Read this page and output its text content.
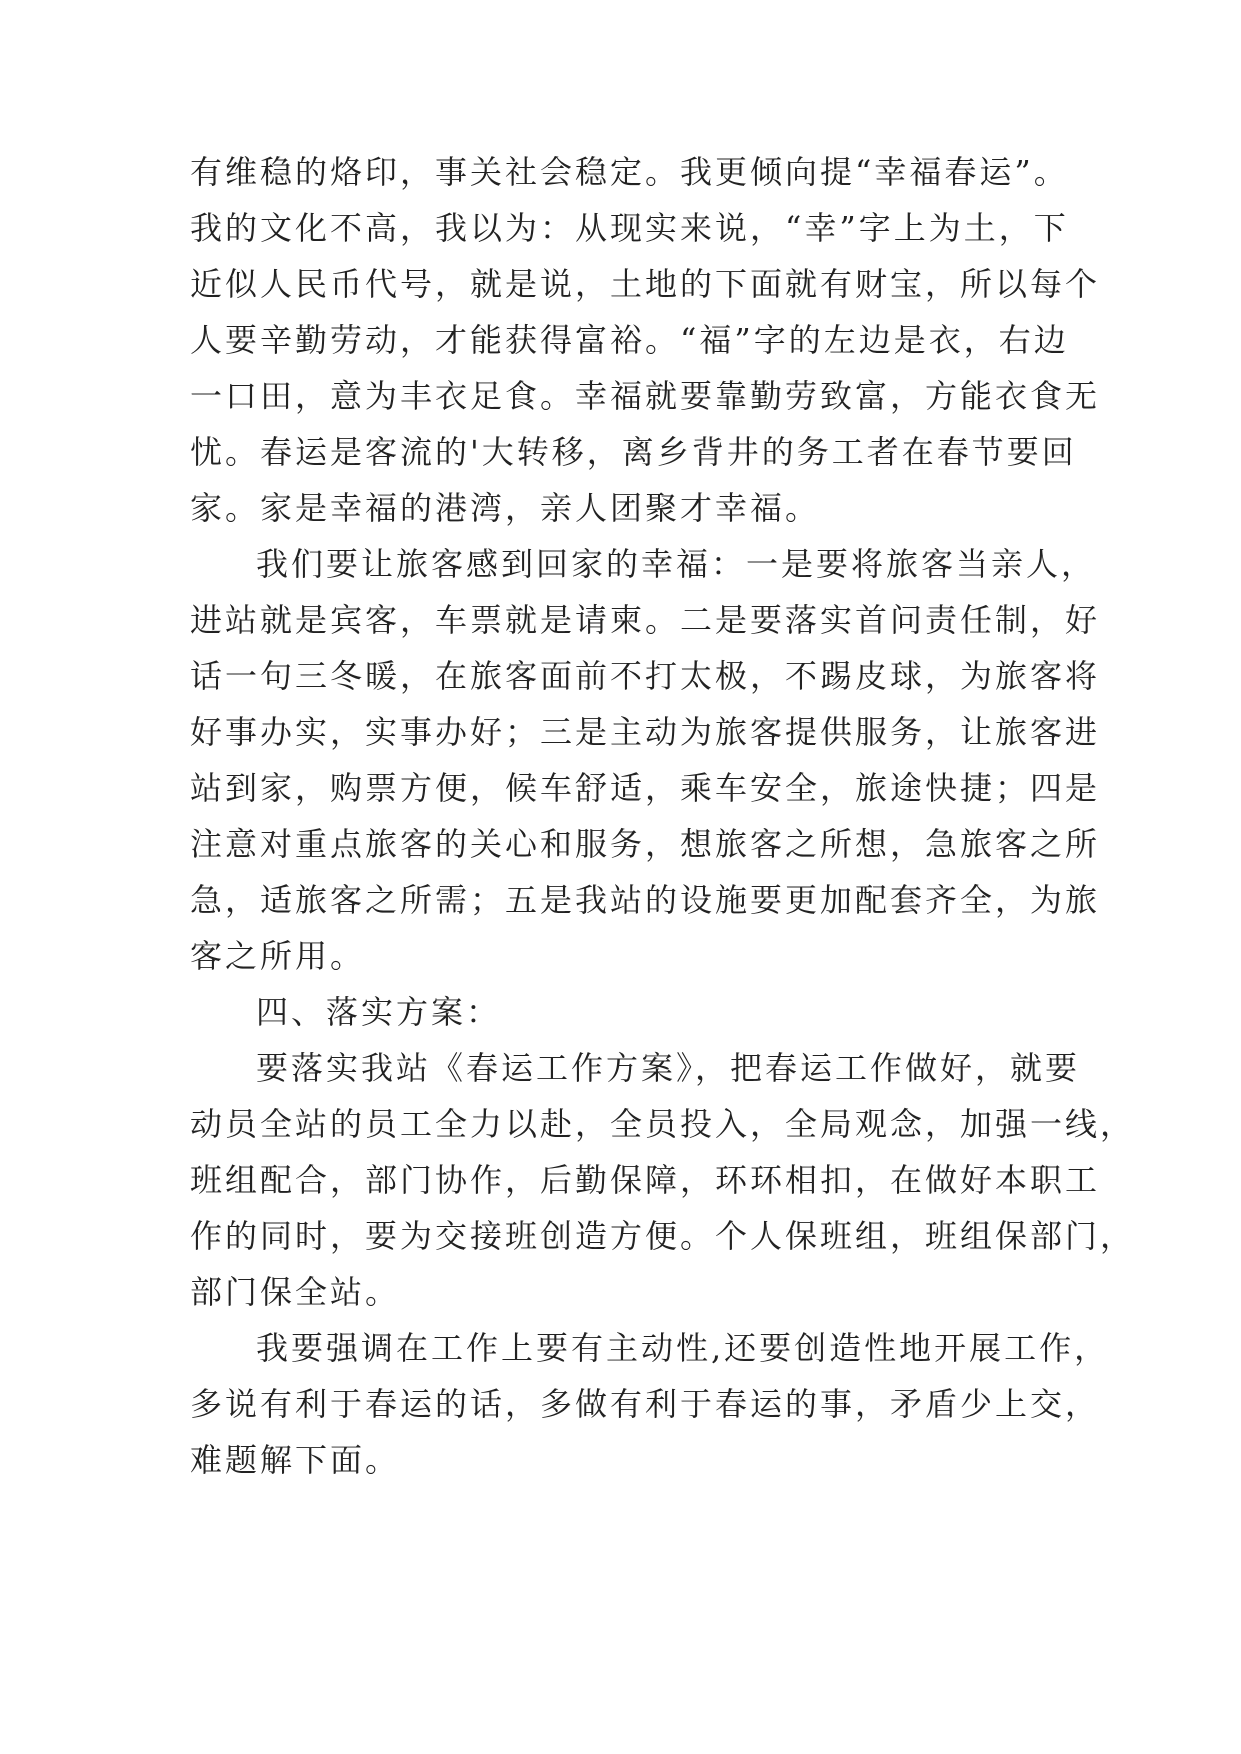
有维稳的烙印，事关社会稳定。我更倾向提“幸福春运”。
我的文化不高，我以为：从现实来说，“幸”字上为土，下
近似人民币代号，就是说，土地的下面就有财宝，所以每个
人要辛勤劳动，才能获得富裕。“福”字的左边是衣，右边
一口田，意为丰衣足食。幸福就要靠勤劳致富，方能衣食无
忧。春运是客流的'大转移，离乡背井的务工者在春节要回
家。家是幸福的港湾，亲人团聚才幸福。
我们要让旅客感到回家的幸福：一是要将旅客当亲人，
进站就是宾客，车票就是请柬。二是要落实首问责任制，好
话一句三冬暖，在旅客面前不打太极，不踢皮球，为旅客将
好事办实，实事办好；三是主动为旅客提供服务，让旅客进
站到家，购票方便，候车舒适，乘车安全，旅途快捷；四是
注意对重点旅客的关心和服务，想旅客之所想，急旅客之所
急，适旅客之所需；五是我站的设施要更加配套齐全，为旅
客之所用。
四、落实方案：
要落实我站《春运工作方案》，把春运工作做好，就要
动员全站的员工全力以赴，全员投入，全局观念，加强一线，
班组配合，部门协作，后勤保障，环环相扣，在做好本职工
作的同时，要为交接班创造方便。个人保班组，班组保部门，
部门保全站。
我要强调在工作上要有主动性,还要创造性地开展工作，
多说有利于春运的话，多做有利于春运的事，矛盾少上交，
难题解下面。
